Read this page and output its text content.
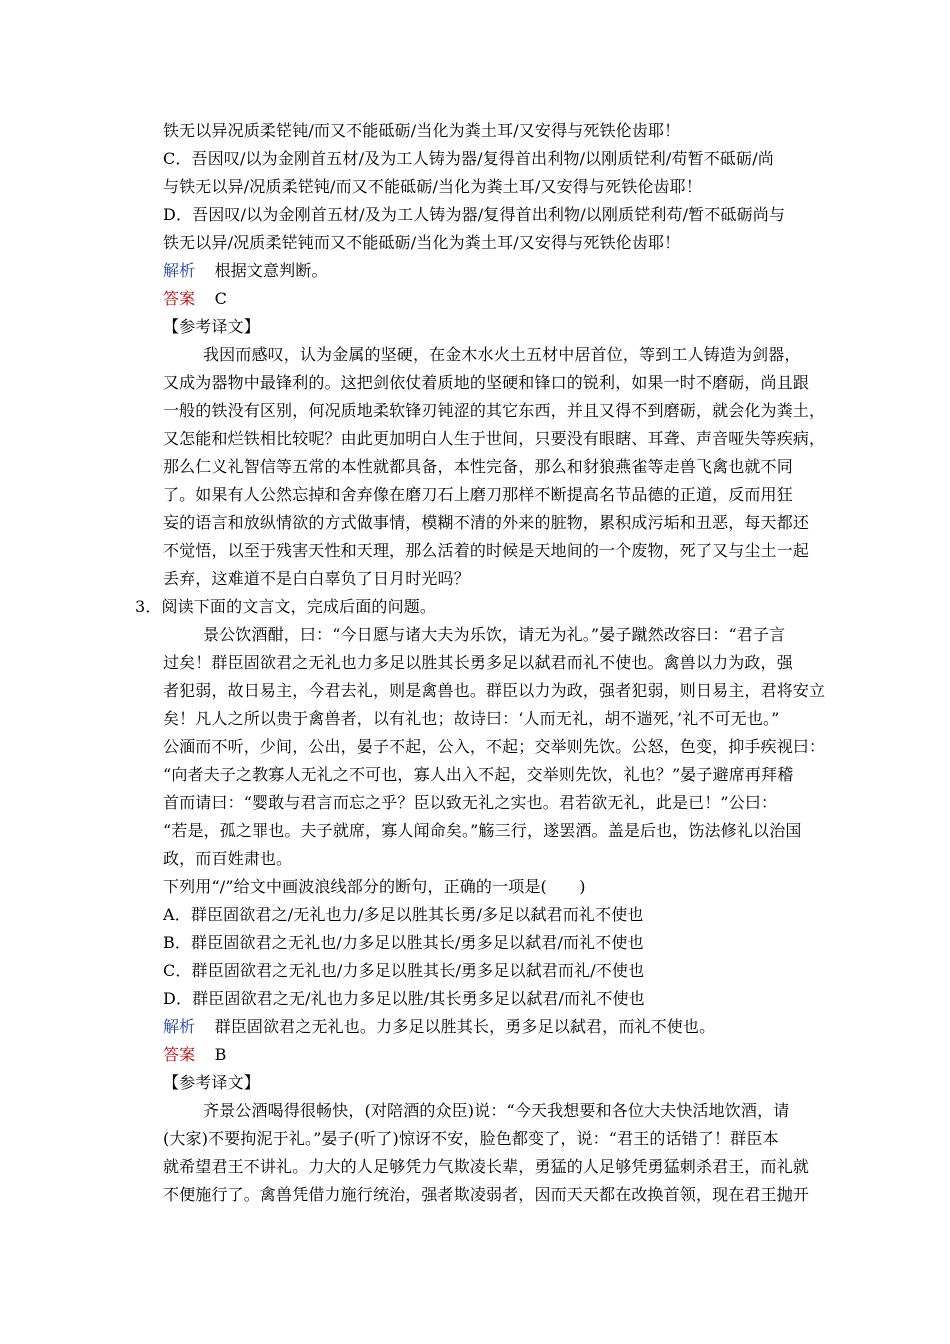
铁无以异况质柔铓钝/而又不能砥砺/当化为粪土耳/又安得与死铁伦齿耶！
C．吾因叹/以为金刚首五材/及为工人铸为器/复得首出利物/以刚质铓利/苟暂不砥砺/尚
与铁无以异/况质柔铓钝/而又不能砥砺/当化为粪土耳/又安得与死铁伦齿耶！
D．吾因叹/以为金刚首五材/及为工人铸为器/复得首出利物/以刚质铓利苟/暂不砥砺尚与
铁无以异/况质柔铓钝而又不能砥砺/当化为粪土耳/又安得与死铁伦齿耶！
解析 根据文意判断。
答案 C
【参考译文】
我因而感叹，认为金属的坚硬，在金木水火土五材中居首位，等到工人铸造为剑器，
又成为器物中最锋利的。这把剑依仗着质地的坚硬和锋口的锐利，如果一时不磨砺，尚且跟
一般的铁没有区别，何况质地柔软锋刃钝涩的其它东西，并且又得不到磨砺，就会化为粪土，
又怎能和烂铁相比较呢？由此更加明白人生于世间，只要没有眼瞎、耳聋、声音哑失等疾病，
那么仁义礼智信等五常的本性就都具备，本性完备，那么和豺狼燕雀等走兽飞禽也就不同
了。如果有人公然忘掉和舍弃像在磨刀石上磨刀那样不断提高名节品德的正道，反而用狂
妄的语言和放纵情欲的方式做事情，模糊不清的外来的脏物，累积成污垢和丑恶，每天都还
不觉悟，以至于残害天性和天理，那么活着的时候是天地间的一个废物，死了又与尘土一起
丢弃，这难道不是白白辜负了日月时光吗？
3．阅读下面的文言文，完成后面的问题。
景公饮酒酣，曰：“今日愿与诸大夫为乐饮，请无为礼。”晏子蹴然改容曰：“君子言
过矣！群臣固欲君之无礼也力多足以胜其长勇多足以弑君而礼不使也。禽兽以力为政，强
者犯弱，故日易主，今君去礼，则是禽兽也。群臣以力为政，强者犯弱，则日易主，君将安立
矣！凡人之所以贵于禽兽者，以有礼也；故诗曰：‘人而无礼，胡不遄死，’礼不可无也。”
公湎而不听，少间，公出，晏子不起，公入，不起；交举则先饮。公怒，色变，抑手疾视曰：
“向者夫子之教寡人无礼之不可也，寡人出入不起，交举则先饮，礼也？”晏子避席再拜稽
首而请曰：“婴敢与君言而忘之乎？臣以致无礼之实也。君若欲无礼，此是已！”公曰：
“若是，孤之罪也。夫子就席，寡人闻命矣。”觞三行，遂罢酒。盖是后也，饬法修礼以治国
政，而百姓肃也。
下列用“/”给文中画波浪线部分的断句，正确的一项是(　　)
A．群臣固欲君之/无礼也力/多足以胜其长勇/多足以弑君而礼不使也
B．群臣固欲君之无礼也/力多足以胜其长/勇多足以弑君/而礼不使也
C．群臣固欲君之无礼也/力多足以胜其长/勇多足以弑君而礼/不使也
D．群臣固欲君之无/礼也力多足以胜/其长勇多足以弑君/而礼不使也
解析 群臣固欲君之无礼也。力多足以胜其长，勇多足以弑君，而礼不使也。
答案 B
【参考译文】
齐景公酒喝得很畅快，(对陪酒的众臣)说：“今天我想要和各位大夫快活地饮酒，请
(大家)不要拘泥于礼。”晏子(听了)惊讶不安，脸色都变了，说：“君王的话错了！群臣本
就希望君王不讲礼。力大的人足够凭力气欺凌长辈，勇猛的人足够凭勇猛刺杀君王，而礼就
不便施行了。禽兽凭借力施行统治，强者欺凌弱者，因而天天都在改换首领，现在君王抛开
